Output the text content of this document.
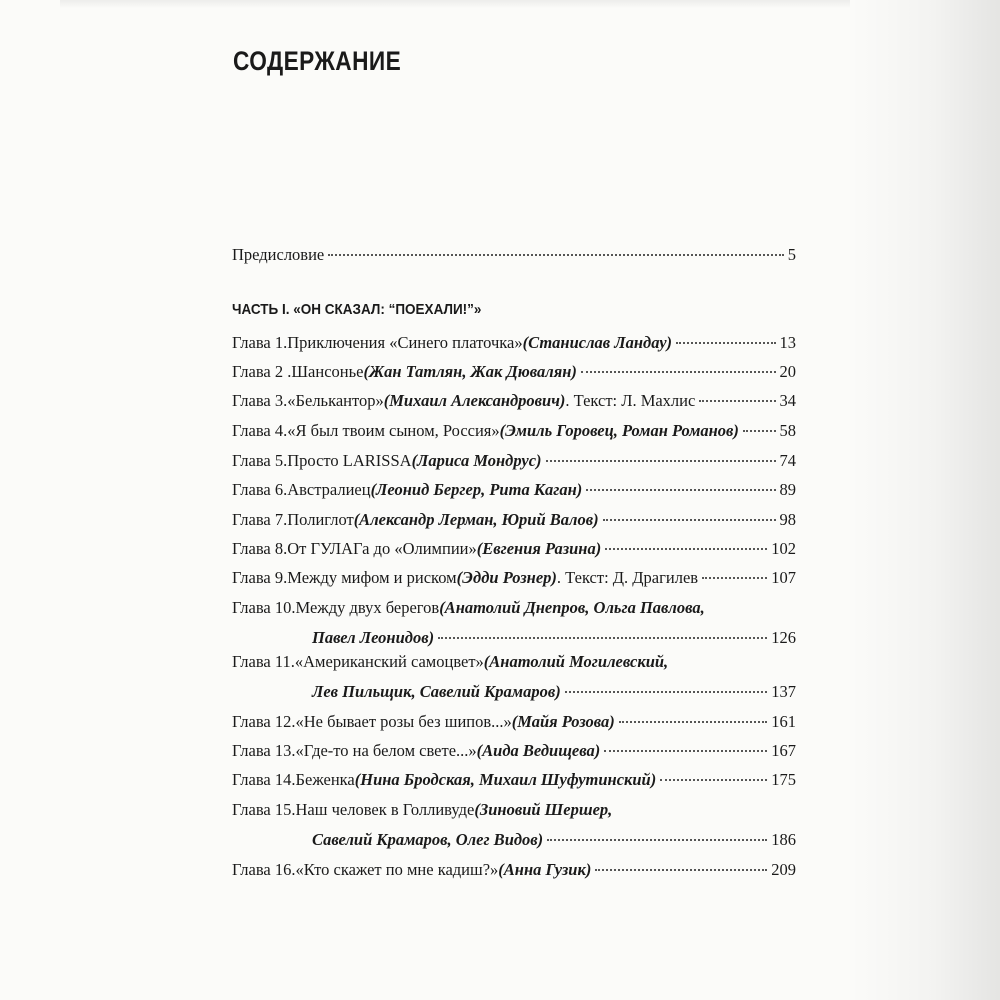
СОДЕРЖАНИЕ
Предисловие	5
ЧАСТЬ I. «ОН СКАЗАЛ: “ПОЕХАЛИ!”»
Глава 1. Приключения «Синего платочка» (Станислав Ландау)	13
Глава 2 . Шансонье (Жан Татлян, Жак Дювалян)	20
Глава 3. «Белькантор» (Михаил Александрович) . Текст: Л. Махлис	34
Глава 4. «Я был твоим сыном, Россия» (Эмиль Горовец, Роман Романов) 58
Глава 5. Просто LARISSA (Лариса Мондрус)	74
Глава 6. Австралиец (Леонид Бергер, Рита Каган)	89
Глава 7. Полиглот (Александр Лерман, Юрий Валов)	98
Глава 8. От ГУЛАГа до «Олимпии» (Евгения Разина)	102
Глава 9. Между мифом и риском (Эдди Рознер) . Текст: Д. Драгилев	107
Глава 10. Между двух берегов (Анатолий Днепров, Ольга Павлова,
Павел Леонидов)	126
Глава 11. «Американский самоцвет» (Анатолий Могилевский,
Лев Пильщик, Савелий Крамаров)	137
Глава 12. «Не бывает розы без шипов...» (Майя Розова)	161
Глава 13. «Где-то на белом свете...» (Аида Ведищева)	167
Глава 14. Беженка (Нина Бродская, Михаил Шуфутинский)	175
Глава 15. Наш человек в Голливуде (Зиновий Шершер,
Савелий Крамаров, Олег Видов)	186
Глава 16. «Кто скажет по мне кадиш?» (Анна Гузик)	209
